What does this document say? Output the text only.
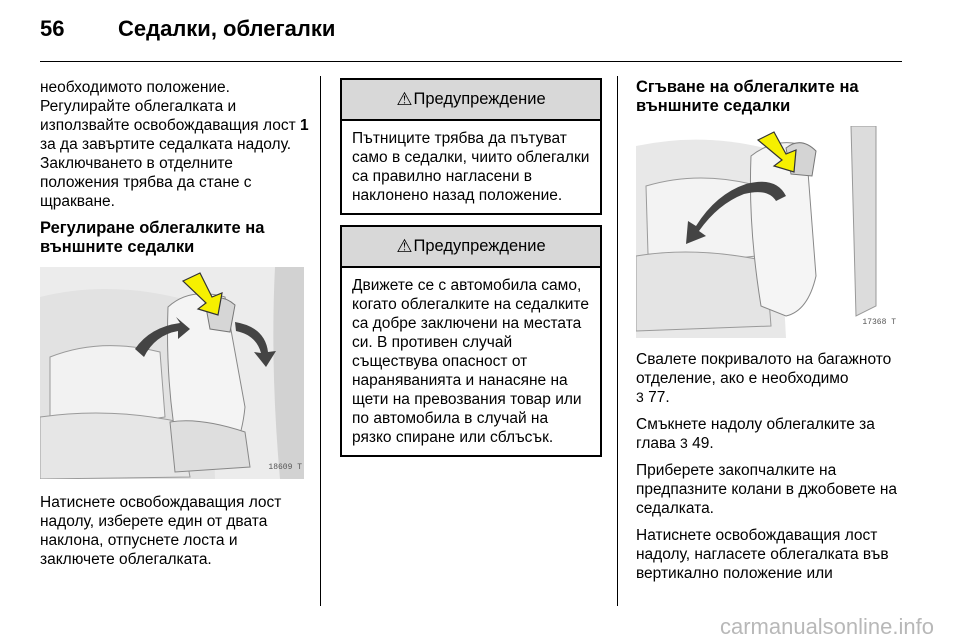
56 Седалки, облегалки

необходимото положение. Регулирайте облегалката и използвайте освобождаващия лост 1 за да завъртите седалката надолу. Заключването в отделните положения трябва да стане с щракване.

Регулиране облегалките на външните седалки
18609 T

Натиснете освобождаващия лост надолу, изберете един от двата наклона, отпуснете лоста и заключете облегалката.

⚠ Предупреждение
Пътниците трябва да пътуват само в седалки, чиито облегалки са правилно нагласени в наклонено назад положение.
⚠ Предупреждение
Движете се с автомобила само, когато облегалките на седалките са добре заключени на местата си. В противен случай съществува опасност от нараняванията и нанасяне на щети на превозвания товар или по автомобила в случай на рязко спиране или сблъсък.
Сгъване на облегалките на външните седалки
17368 T

Свалете покривалото на багажното отделение, ако е необходимо
3 77.

Смъкнете надолу облегалките за глава 3 49.

Приберете закопчалките на предпазните колани в джобовете на седалката.

Натиснете освобождаващия лост надолу, нагласете облегалката във вертикално положение или

carmanualsonline.info
